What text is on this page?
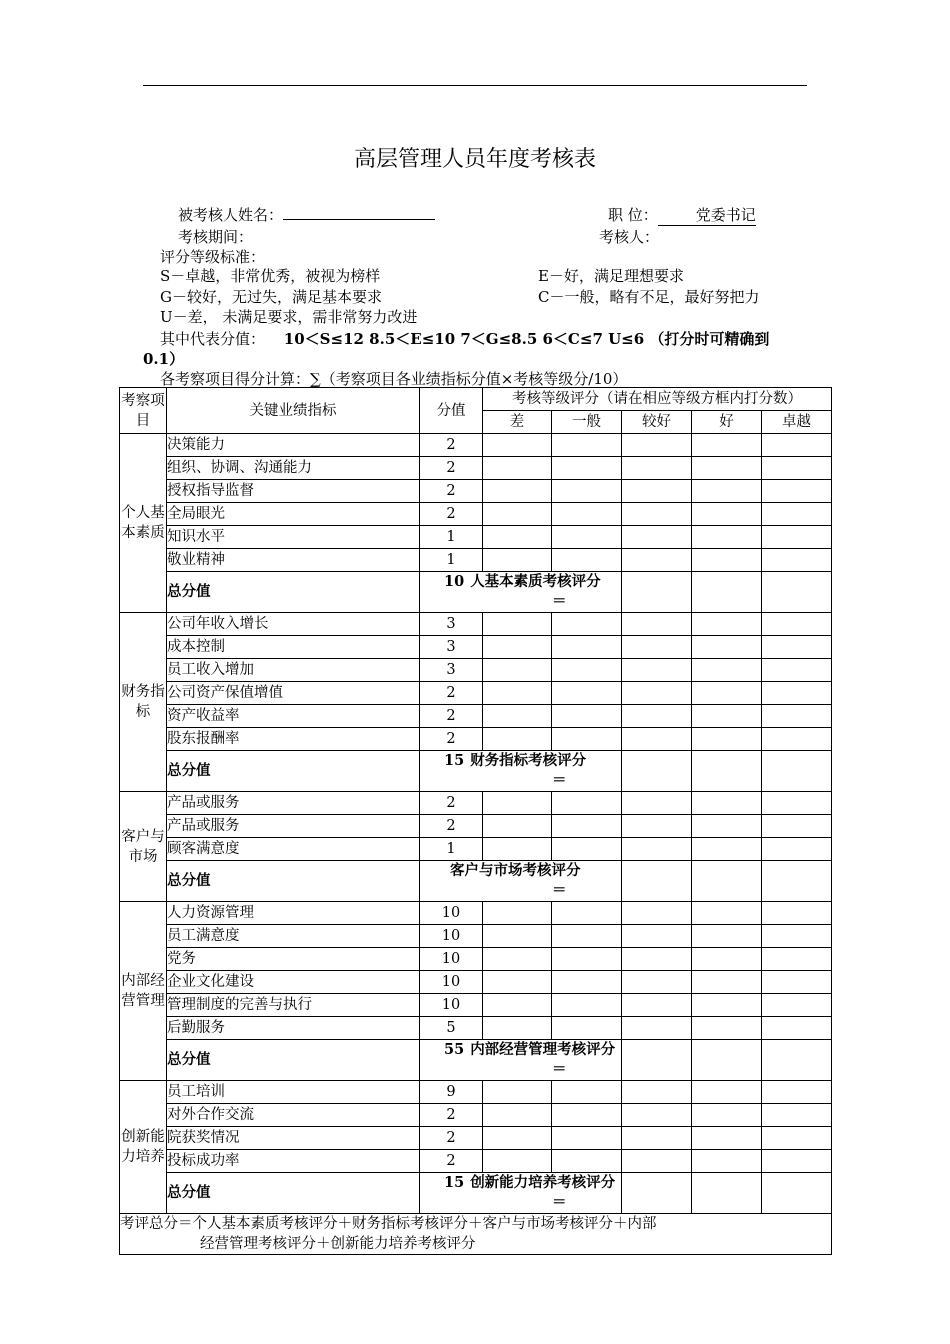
高层管理人员年度考核表
被考核人姓名：	职 位：	党委书记
考核期间：	考核人：
评分等级标准：
S－卓越，非常优秀，被视为榜样	E－好，满足理想要求
G－较好，无过失，满足基本要求	C－一般，略有不足，最好努把力
U－差， 未满足要求，需非常努力改进
其中代表分值： 10＜S≤12 8.5＜E≤10 7＜G≤8.5 6＜C≤7 U≤6 （打分时可精确到
0.1）
各考察项目得分计算：∑（考察项目各业绩指标分值×考核等级分/10）
考察项目	关键业绩指标	分值	考核等级评分（请在相应等级方框内打分数）				
			差	一般	较好	好	卓越
个人基本素质	决策能力	2					
	组织、协调、沟通能力	2					
	授权指导监督	2					
	全局眼光	2					
	知识水平	1					
	敬业精神	1					
	总分值	10 人基本素质考核评分＝					
财务指标	公司年收入增长	3					
	成本控制	3					
	员工收入增加	3					
	公司资产保值增值	2					
	资产收益率	2					
	股东报酬率	2					
	总分值	15 财务指标考核评分＝					
客户与市场	产品或服务	2					
	产品或服务	2					
	顾客满意度	1					
	总分值	客户与市场考核评分＝					
内部经营管理	人力资源管理	10					
	员工满意度	10					
	党务	10					
	企业文化建设	10					
	管理制度的完善与执行	10					
	后勤服务	5					
	总分值	55 内部经营管理考核评分＝					
创新能力培养	员工培训	9					
	对外合作交流	2					
	院获奖情况	2					
	投标成功率	2					
	总分值	15 创新能力培养考核评分＝					

考评总分＝个人基本素质考核评分＋财务指标考核评分＋客户与市场考核评分＋内部
经营管理考核评分＋创新能力培养考核评分							
